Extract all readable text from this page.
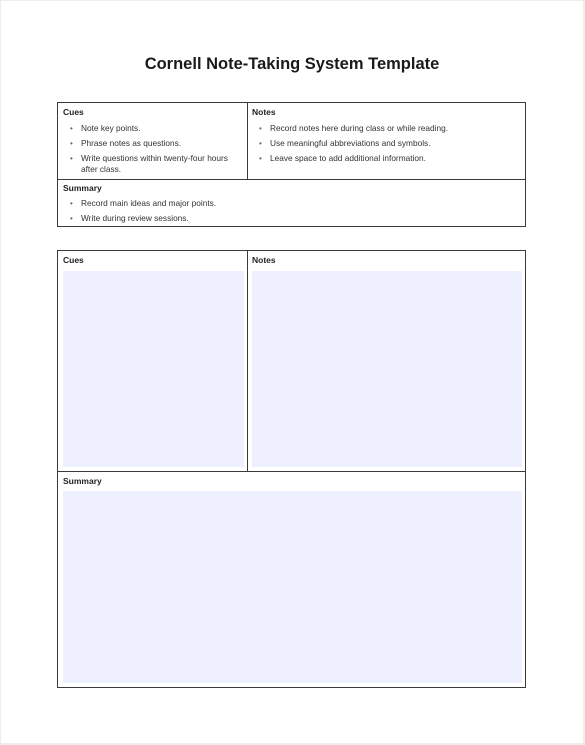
Cornell Note-Taking System Template

Cues

• Note key points.
• Phrase notes as questions.
• Write questions within twenty-four hours after class.

Notes

• Record notes here during class or while reading.
• Use meaningful abbreviations and symbols.
• Leave space to add additional information.

Summary

• Record main ideas and major points.
• Write during review sessions.

Cues	Notes

Summary
